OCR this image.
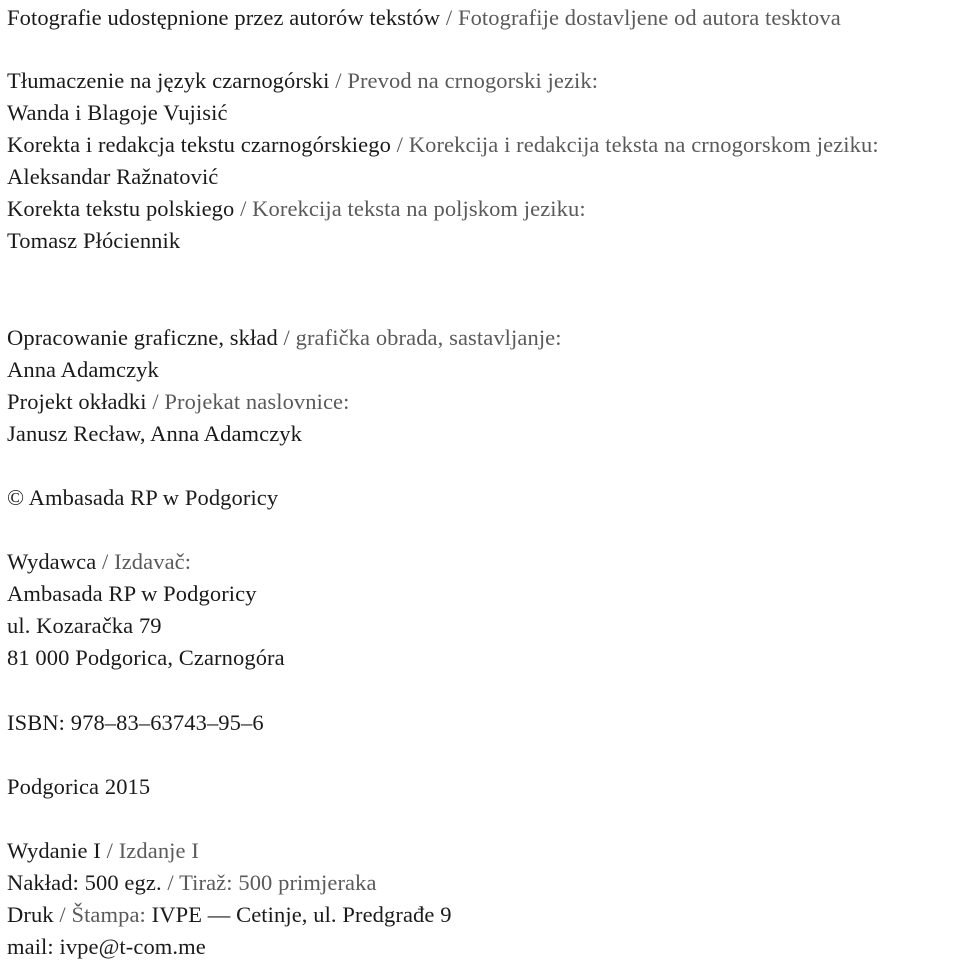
Fotografie udostępnione przez autorów tekstów / Fotografije dostavljene od autora tesktova
Tłumaczenie na język czarnogórski / Prevod na crnogorski jezik:
Wanda i Blagoje Vujisić
Korekta i redakcja tekstu czarnogórskiego / Korekcija i redakcija teksta na crnogorskom jeziku:
Aleksandar Ražnatović
Korekta tekstu polskiego / Korekcija teksta na poljskom jeziku:
Tomasz Płóciennik
Opracowanie graficzne, skład / grafička obrada, sastavljanje:
Anna Adamczyk
Projekt okładki / Projekat naslovnice:
Janusz Recław, Anna Adamczyk
© Ambasada RP w Podgoricy
Wydawca / Izdavač:
Ambasada RP w Podgoricy
ul. Kozaračka 79
81 000 Podgorica, Czarnogóra
ISBN: 978–83–63743–95–6
Podgorica 2015
Wydanie I / Izdanje I
Nakład: 500 egz. / Tiraž: 500 primjeraka
Druk / Štampa: IVPE — Cetinje, ul. Predgrađe 9
mail: ivpe@t-com.me
